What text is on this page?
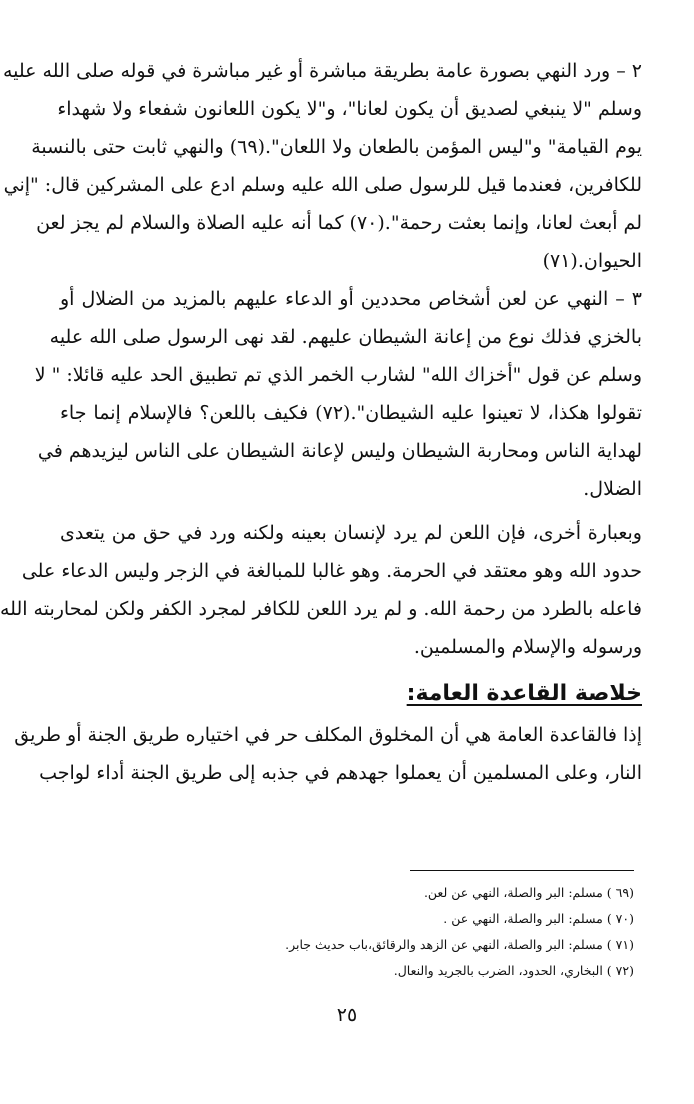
٢ – ورد النهي بصورة عامة بطريقة مباشرة أو غير مباشرة في قوله صلى الله عليه

وسلم "لا ينبغي لصديق أن يكون لعانا"، و"لا يكون اللعانون شفعاء ولا شهداء

يوم القيامة" و"ليس المؤمن بالطعان ولا اللعان".(٦٩) والنهي ثابت حتى بالنسبة

للكافرين، فعندما قيل للرسول صلى الله عليه وسلم ادع على المشركين قال: "إني

لم أبعث لعانا، وإنما بعثت رحمة".(٧٠) كما أنه عليه الصلاة والسلام لم يجز لعن

الحيوان.(٧١)

٣ – النهي عن لعن أشخاص محددين أو الدعاء عليهم بالمزيد من الضلال أو

بالخزي فذلك نوع من إعانة الشيطان عليهم. لقد نهى الرسول صلى الله عليه

وسلم عن قول "أخزاك الله" لشارب الخمر الذي تم تطبيق الحد عليه قائلا: " لا

تقولوا هكذا، لا تعينوا عليه الشيطان".(٧٢) فكيف باللعن؟ فالإسلام إنما جاء

لهداية الناس ومحاربة الشيطان وليس لإعانة الشيطان على الناس ليزيدهم في

الضلال.

وبعبارة أخرى، فإن اللعن لم يرد لإنسان بعينه ولكنه ورد في حق من يتعدى

حدود الله وهو معتقد في الحرمة. وهو غالبا للمبالغة في الزجر وليس الدعاء على

فاعله بالطرد من رحمة الله. و لم يرد اللعن للكافر لمجرد الكفر ولكن لمحاربته الله

ورسوله والإسلام والمسلمين.

خلاصة القاعدة العامة:

إذا فالقاعدة العامة هي أن المخلوق المكلف حر في اختياره طريق الجنة أو طريق

النار، وعلى المسلمين أن يعملوا جهدهم في جذبه إلى طريق الجنة أداء لواجب

(٦٩ ) مسلم: البر والصلة، النهي عن لعن.
(٧٠ ) مسلم: البر والصلة، النهي عن .
(٧١ ) مسلم: البر والصلة، النهي عن الزهد والرقائق،باب حديث جابر.
(٧٢ ) البخاري، الحدود، الضرب بالجريد والنعال.
٢٥
